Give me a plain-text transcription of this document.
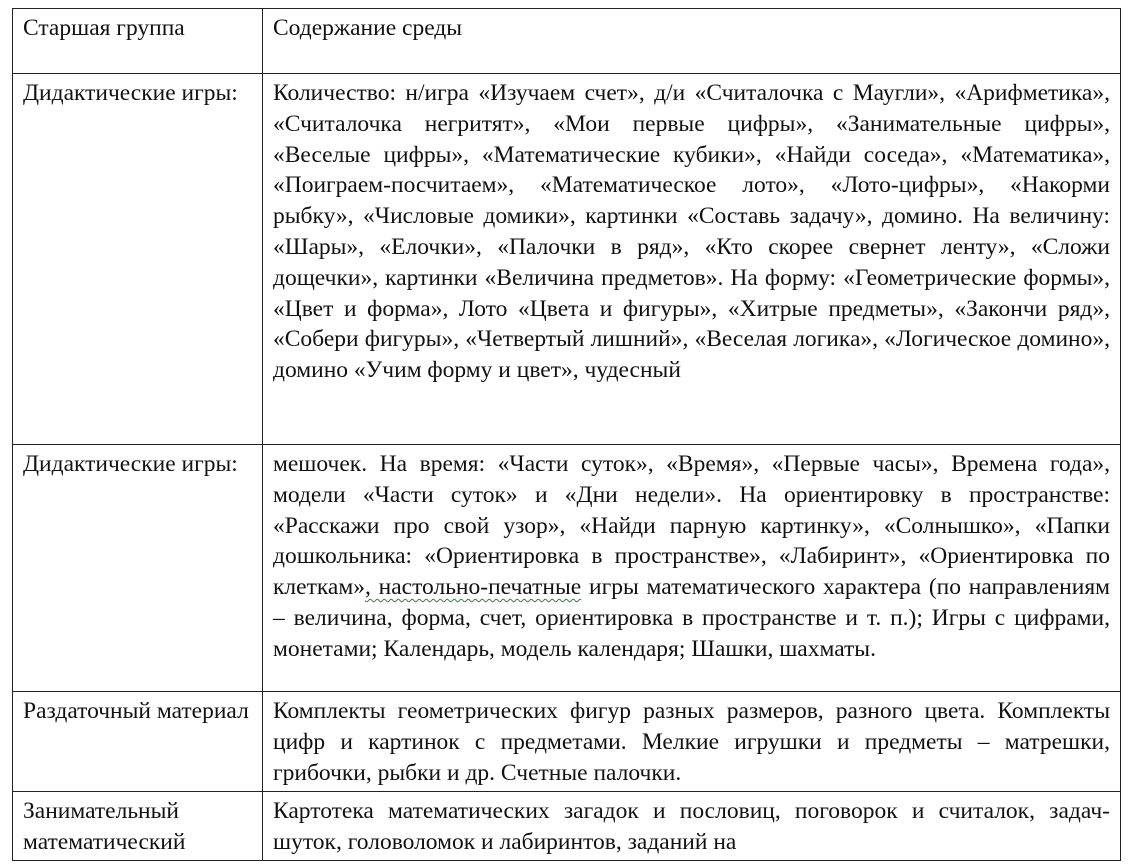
Старшая группа	Содержание среды
Дидактические игры:	Количество: н/игра «Изучаем счет», д/и «Считалочка с Маугли», «Арифметика», «Считалочка негритят», «Мои первые цифры», «Занимательные цифры», «Веселые цифры», «Математические кубики», «Найди соседа», «Математика», «Поиграем-посчитаем», «Математическое лото», «Лото-цифры», «Накорми рыбку», «Числовые домики», картинки «Составь задачу», домино. На величину: «Шары», «Елочки», «Палочки в ряд», «Кто скорее свернет ленту», «Сложи дощечки», картинки «Величина предметов». На форму: «Геометрические формы», «Цвет и форма», Лото «Цвета и фигуры», «Хитрые предметы», «Закончи ряд», «Собери фигуры», «Четвертый лишний», «Веселая логика», «Логическое домино», домино «Учим форму и цвет», чудесный
Дидактические игры:	мешочек. На время: «Части суток», «Время», «Первые часы», Времена года», модели «Части суток» и «Дни недели». На ориентировку в пространстве: «Расскажи про свой узор», «Найди парную картинку», «Солнышко», «Папки дошкольника: «Ориентировка в пространстве», «Лабиринт», «Ориентировка по клеткам», настольно-печатные игры математического характера (по направлениям – величина, форма, счет, ориентировка в пространстве и т. п.); Игры с цифрами, монетами; Календарь, модель календаря; Шашки, шахматы.
Раздаточный материал	Комплекты геометрических фигур разных размеров, разного цвета. Комплекты цифр и картинок с предметами. Мелкие игрушки и предметы – матрешки, грибочки, рыбки и др. Счетные палочки.
Занимательный математический	Картотека математических загадок и пословиц, поговорок и считалок, задач-шуток, головоломок и лабиринтов, заданий на
